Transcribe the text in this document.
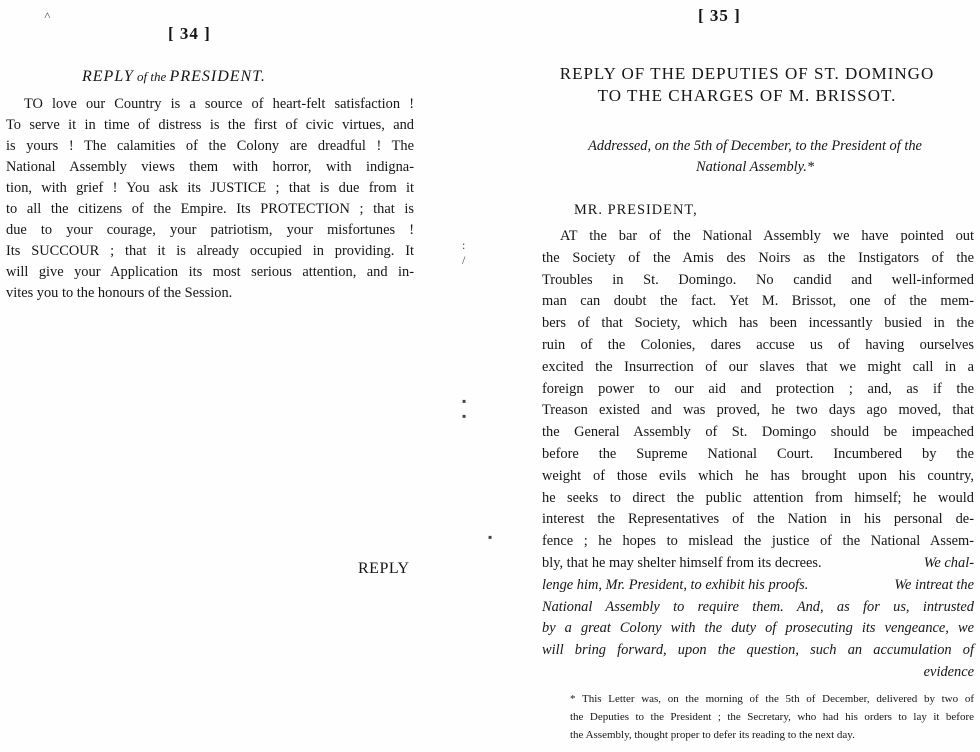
[ 34 ]
REPLY of the PRESIDENT.
TO love our Country is a source of heart-felt satisfaction !
To serve it in time of distress is the first of civic virtues, and
is yours ! The calamities of the Colony are dreadful ! The
National Assembly views them with horror, with indigna-
tion, with grief ! You ask its JUSTICE ; that is due from it
to all the citizens of the Empire. Its PROTECTION ; that is
due to your courage, your patriotism, your misfortunes !
Its SUCCOUR ; that it is already occupied in providing. It
will give your Application its most serious attention, and in-
vites you to the honours of the Session.
REPLY
˄
: /
▪ ▪
▪
[ 35 ]
REPLY OF THE DEPUTIES OF ST. DOMINGO
TO THE CHARGES OF M. BRISSOT.
Addressed, on the 5th of December, to the President of the
National Assembly.*
MR. PRESIDENT,
AT the bar of the National Assembly we have pointed out
the Society of the Amis des Noirs as the Instigators of the
Troubles in St. Domingo. No candid and well-informed
man can doubt the fact. Yet M. Brissot, one of the mem-
bers of that Society, which has been incessantly busied in the
ruin of the Colonies, dares accuse us of having ourselves
excited the Insurrection of our slaves that we might call in a
foreign power to our aid and protection ; and, as if the
Treason existed and was proved, he two days ago moved, that
the General Assembly of St. Domingo should be impeached
before the Supreme National Court. Incumbered by the
weight of those evils which he has brought upon his country,
he seeks to direct the public attention from himself; he would
interest the Representatives of the Nation in his personal de-
fence ; he hopes to mislead the justice of the National Assem-
bly, that he may shelter himself from its decrees.	We chal-
lenge him, Mr. President, to exhibit his proofs.	We intreat the
National Assembly to require them. And, as for us, intrusted
by a great Colony with the duty of prosecuting its vengeance, we
will bring forward, upon the question, such an accumulation of
evidence
* This Letter was, on the morning of the 5th of December, delivered by two of
the Deputies to the President ; the Secretary, who had his orders to lay it before
the Assembly, thought proper to defer its reading to the next day.
